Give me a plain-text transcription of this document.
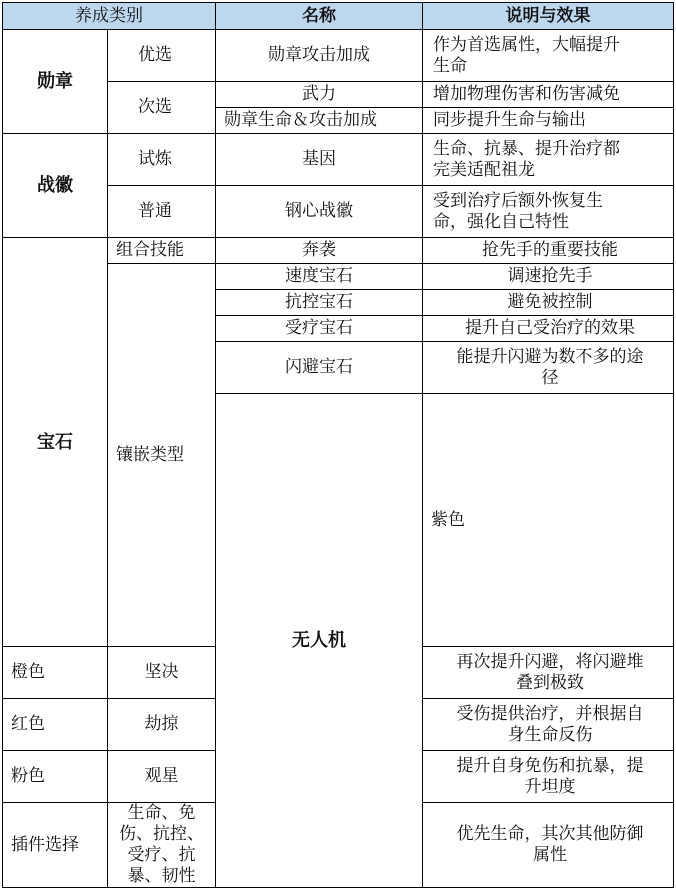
养成类别		名称	说明与效果	
勋章	优选	勋章攻击加成	作为首选属性，大幅提升
生命	
	次选	武力	增加物理伤害和伤害减免	
		勋章生命＆攻击加成	同步提升生命与输出	
战徽	试炼	基因	生命、抗暴、提升治疗都
完美适配祖龙	
	普通	钢心战徽	受到治疗后额外恢复生
命，强化自己特性	
宝石	组合技能	奔袭	抢先手的重要技能	
	镶嵌类型	速度宝石	调速抢先手	
		抗控宝石	避免被控制	
		受疗宝石	提升自己受治疗的效果	
		闪避宝石	能提升闪避为数不多的途
径	
		无人机	紫色		

橙色	坚决		再次提升闪避，将闪避堆
叠到极致	
红色	劫掠		受伤提供治疗，并根据自
身生命反伤	
粉色	观星		提升自身免伤和抗暴，提
升坦度	
插件选择	生命、免伤、抗控、
受疗、抗暴、韧性		优先生命，其次其他防御
属性	
